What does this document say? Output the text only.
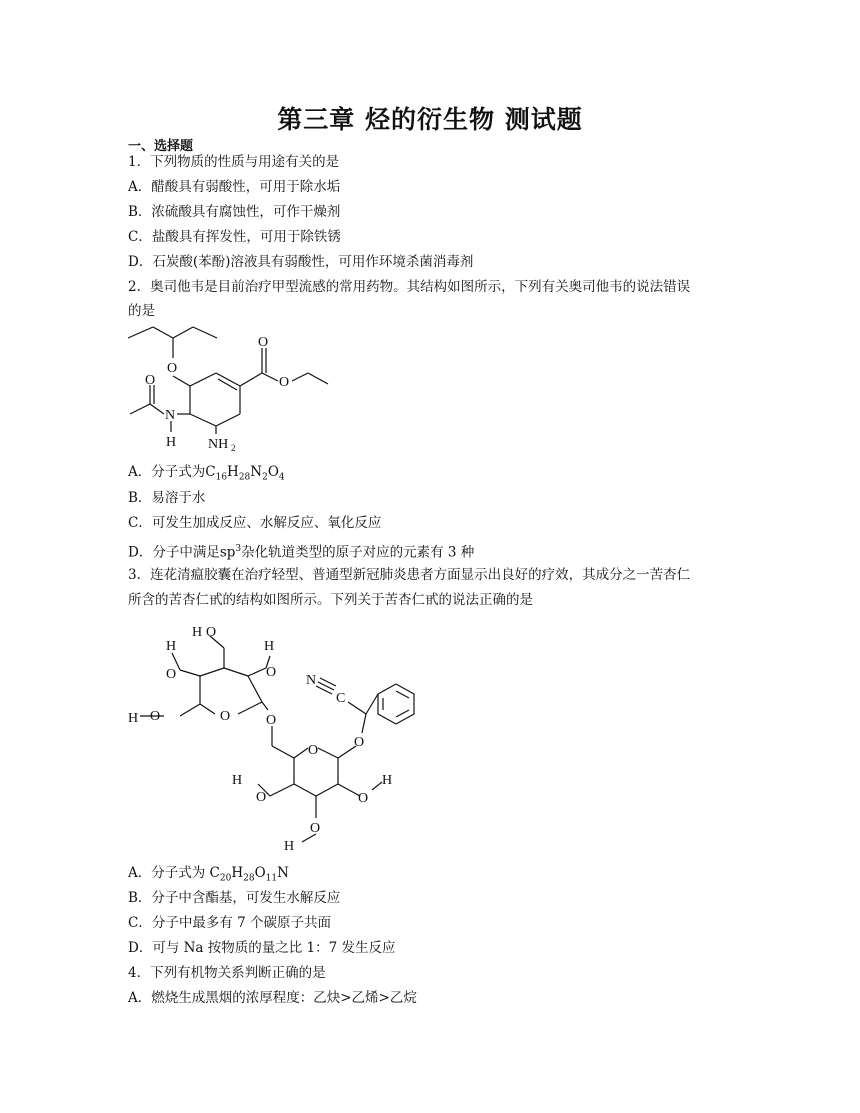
第三章 烃的衍生物 测试题
一、选择题
1．下列物质的性质与用途有关的是
A．醋酸具有弱酸性，可用于除水垢
B．浓硫酸具有腐蚀性，可作干燥剂
C．盐酸具有挥发性，可用于除铁锈
D．石炭酸(苯酚)溶液具有弱酸性，可用作环境杀菌消毒剂
2．奥司他韦是目前治疗甲型流感的常用药物。其结构如图所示，下列有关奥司他韦的说法错误
的是
O
O
O
O
N
H NH 2
A．分子式为$C_{16}H_{28}N_2O_4$
B．易溶于水
C．可发生加成反应、水解反应、氧化反应
D．分子中满足$sp^3$杂化轨道类型的原子对应的元素有 3 种
3．连花清瘟胶囊在治疗轻型、普通型新冠肺炎患者方面显示出良好的疗效，其成分之一苦杏仁
所含的苦杏仁甙的结构如图所示。下列关于苦杏仁甙的说法正确的是
H
O
H O
H
O
H O	O	O
O
O
N
C
H
O	O
H
O
H
A．分子式为 $C_{20}H_{28}O_{11}N$
B．分子中含酯基，可发生水解反应
C．分子中最多有 7 个碳原子共面
D．可与 Na 按物质的量之比 1：7 发生反应
4．下列有机物关系判断正确的是
A．燃烧生成黑烟的浓厚程度：乙炔>乙烯>乙烷
